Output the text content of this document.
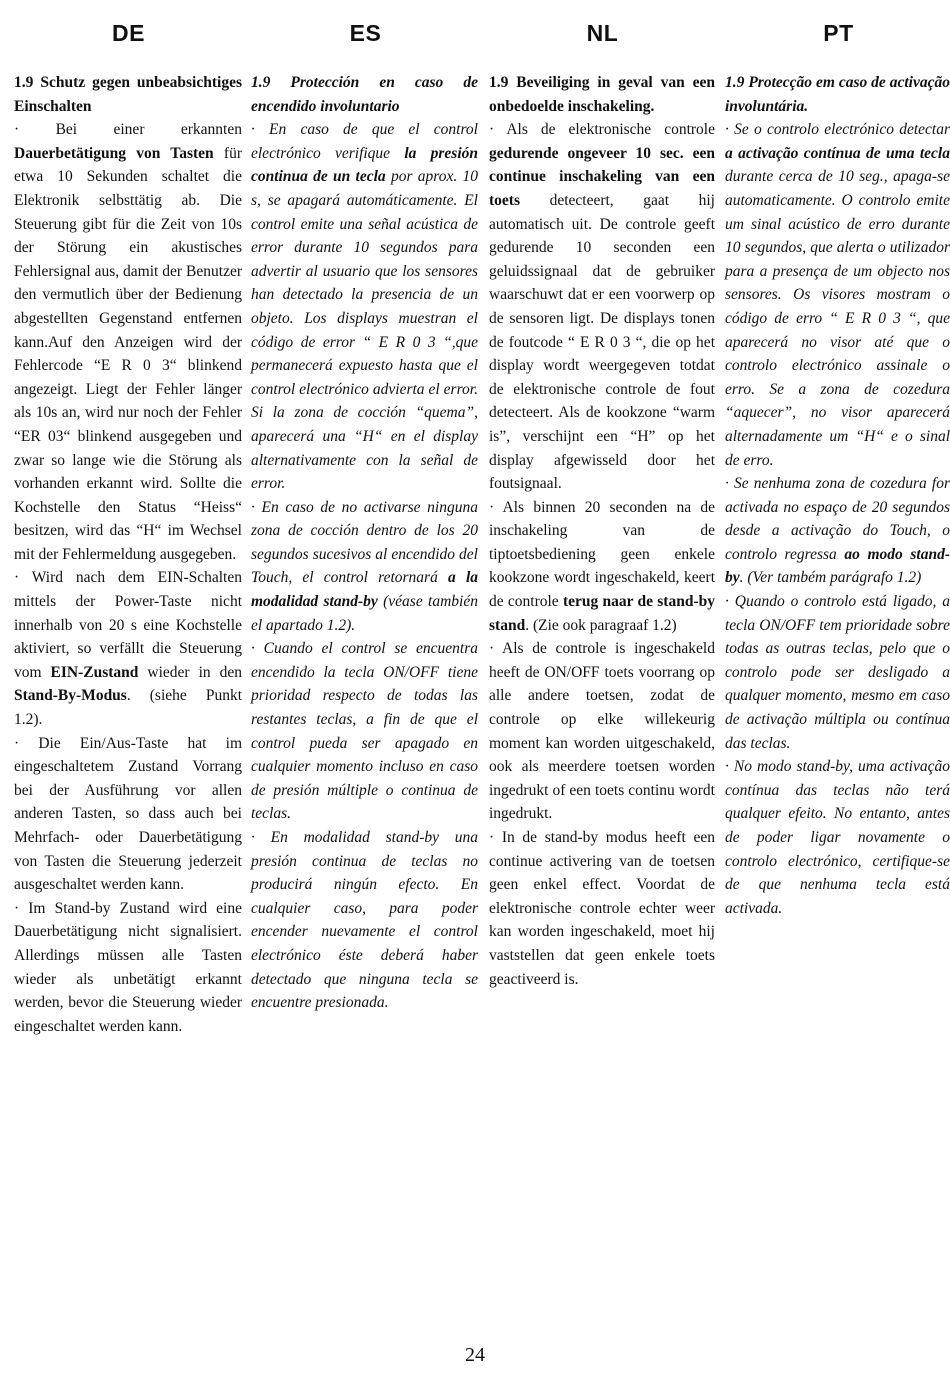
DE	ES	NL	PT

1.9 Schutz gegen unbeabsichtiges Einschalten

· Bei einer erkannten Dauerbetätigung von Tasten für etwa 10 Sekunden schaltet die Elektronik selbsttätig ab. Die Steuerung gibt für die Zeit von 10s der Störung ein akustisches Fehlersignal aus, damit der Benutzer den vermutlich über der Bedienung abgestellten Gegenstand entfernen kann.Auf den Anzeigen wird der Fehlercode “E R 0 3“ blinkend angezeigt. Liegt der Fehler länger als 10s an, wird nur noch der Fehler “ER 03“ blinkend ausgegeben und zwar so lange wie die Störung als vorhanden erkannt wird. Sollte die Kochstelle den Status “Heiss“ besitzen, wird das “H“ im Wechsel mit der Fehlermeldung ausgegeben.

· Wird nach dem EIN-Schalten mittels der Power-Taste nicht innerhalb von 20 s eine Kochstelle aktiviert, so verfällt die Steuerung vom EIN-Zustand wieder in den Stand-By-Modus. (siehe Punkt 1.2).

· Die Ein/Aus-Taste hat im eingeschaltetem Zustand Vorrang bei der Ausführung vor allen anderen Tasten, so dass auch bei Mehrfach- oder Dauerbetätigung von Tasten die Steuerung jederzeit ausgeschaltet werden kann.

· Im Stand-by Zustand wird eine Dauerbetätigung nicht signalisiert. Allerdings müssen alle Tasten wieder als unbetätigt erkannt werden, bevor die Steuerung wieder eingeschaltet werden kann.

1.9 Protección en caso de encendido involuntario

· En caso de que el control electrónico verifique la presión continua de un tecla por aprox. 10 s, se apagará automáticamente. El control emite una señal acústica de error durante 10 segundos para advertir al usuario que los sensores han detectado la presencia de un objeto. Los displays muestran el código de error “ E R 0 3 “,que permanecerá expuesto hasta que el control electrónico advierta el error. Si la zona de cocción “quema”, aparecerá una “H“ en el display alternativamente con la señal de error.

· En caso de no activarse ninguna zona de cocción dentro de los 20 segundos sucesivos al encendido del Touch, el control retornará a la modalidad stand-by (véase también el apartado 1.2).

· Cuando el control se encuentra encendido la tecla ON/OFF tiene prioridad respecto de todas las restantes teclas, a fin de que el control pueda ser apagado en cualquier momento incluso en caso de presión múltiple o continua de teclas.

· En modalidad stand-by una presión continua de teclas no producirá ningún efecto. En cualquier caso, para poder encender nuevamente el control electrónico éste deberá haber detectado que ninguna tecla se encuentre presionada.

1.9 Beveiliging in geval van een onbedoelde inschakeling.

· Als de elektronische controle gedurende ongeveer 10 sec. een continue inschakeling van een toets detecteert, gaat hij automatisch uit. De controle geeft gedurende 10 seconden een geluidssignaal dat de gebruiker waarschuwt dat er een voorwerp op de sensoren ligt. De displays tonen de foutcode “ E R 0 3 “, die op het display wordt weergegeven totdat de elektronische controle de fout detecteert. Als de kookzone “warm is”, verschijnt een “H” op het display afgewisseld door het foutsignaal.

· Als binnen 20 seconden na de inschakeling van de tiptoetsbediening geen enkele kookzone wordt ingeschakeld, keert de controle terug naar de stand-by stand. (Zie ook paragraaf 1.2)

· Als de controle is ingeschakeld heeft de ON/OFF toets voorrang op alle andere toetsen, zodat de controle op elke willekeurig moment kan worden uitgeschakeld, ook als meerdere toetsen worden ingedrukt of een toets continu wordt ingedrukt.

· In de stand-by modus heeft een continue activering van de toetsen geen enkel effect. Voordat de elektronische controle echter weer kan worden ingeschakeld, moet hij vaststellen dat geen enkele toets geactiveerd is.

1.9 Protecção em caso de activação involuntária.

· Se o controlo electrónico detectar a activação contínua de uma tecla durante cerca de 10 seg., apaga-se automaticamente. O controlo emite um sinal acústico de erro durante 10 segundos, que alerta o utilizador para a presença de um objecto nos sensores. Os visores mostram o código de erro “ E R 0 3 “, que aparecerá no visor até que o controlo electrónico assinale o erro. Se a zona de cozedura “aquecer”, no visor aparecerá alternadamente um “H“ e o sinal de erro.

· Se nenhuma zona de cozedura for activada no espaço de 20 segundos desde a activação do Touch, o controlo regressa ao modo stand-by. (Ver também parágrafo 1.2)

· Quando o controlo está ligado, a tecla ON/OFF tem prioridade sobre todas as outras teclas, pelo que o controlo pode ser desligado a qualquer momento, mesmo em caso de activação múltipla ou contínua das teclas.

· No modo stand-by, uma activação contínua das teclas não terá qualquer efeito. No entanto, antes de poder ligar novamente o controlo electrónico, certifique-se de que nenhuma tecla está activada.

24
